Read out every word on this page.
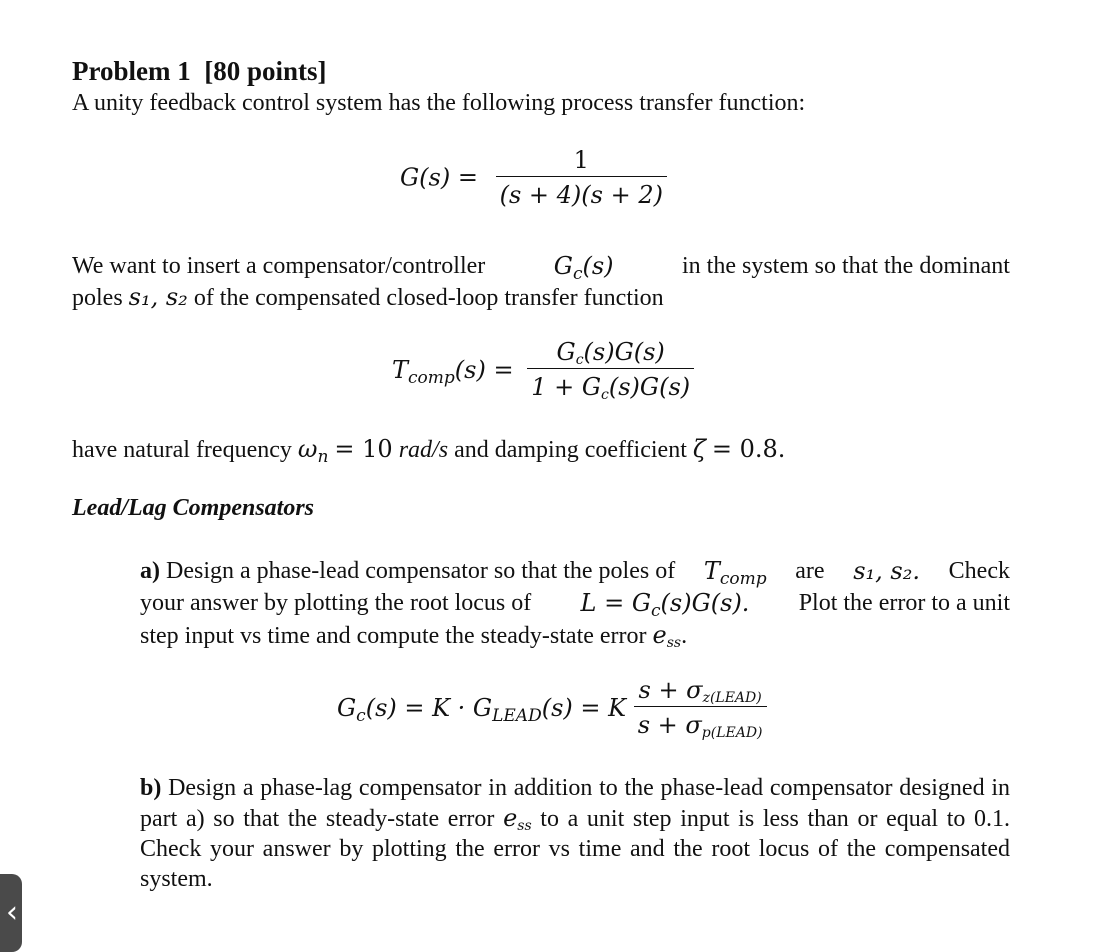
Problem 1 [80 points]
A unity feedback control system has the following process transfer function:
$G(s) = \frac{1}{(s + 4)(s + 2)}$
We want to insert a compensator/controller	$G_c(s)$	in the system so that the dominant
poles s₁, s₂ of the compensated closed-loop transfer function
$T_{comp}(s) = \frac{G_c(s)G(s)}{1 + G_c(s)G(s)}$
have natural frequency $\omega_n = 10$ rad/s and damping coefficient ζ = 0.8.
Lead/Lag Compensators
a) Design a phase-lead compensator so that the poles of $T_{comp}$ are s₁, s₂. Check
your answer by plotting the root locus of $L = G_c(s)G(s)$. Plot the error to a unit
step input vs time and compute the steady-state error $e_{ss}$.
$G_c(s) = K \cdot G_{LEAD}(s) = K \frac{s + \sigma_{z(LEAD)}}{s + \sigma_{p(LEAD)}}$
b) Design a phase-lag compensator in addition to the phase-lead compensator designed in part a) so that the steady-state error $e_{ss}$ to a unit step input is less than or equal to 0.1. Check your answer by plotting the error vs time and the root locus of the compensated system.
‹
